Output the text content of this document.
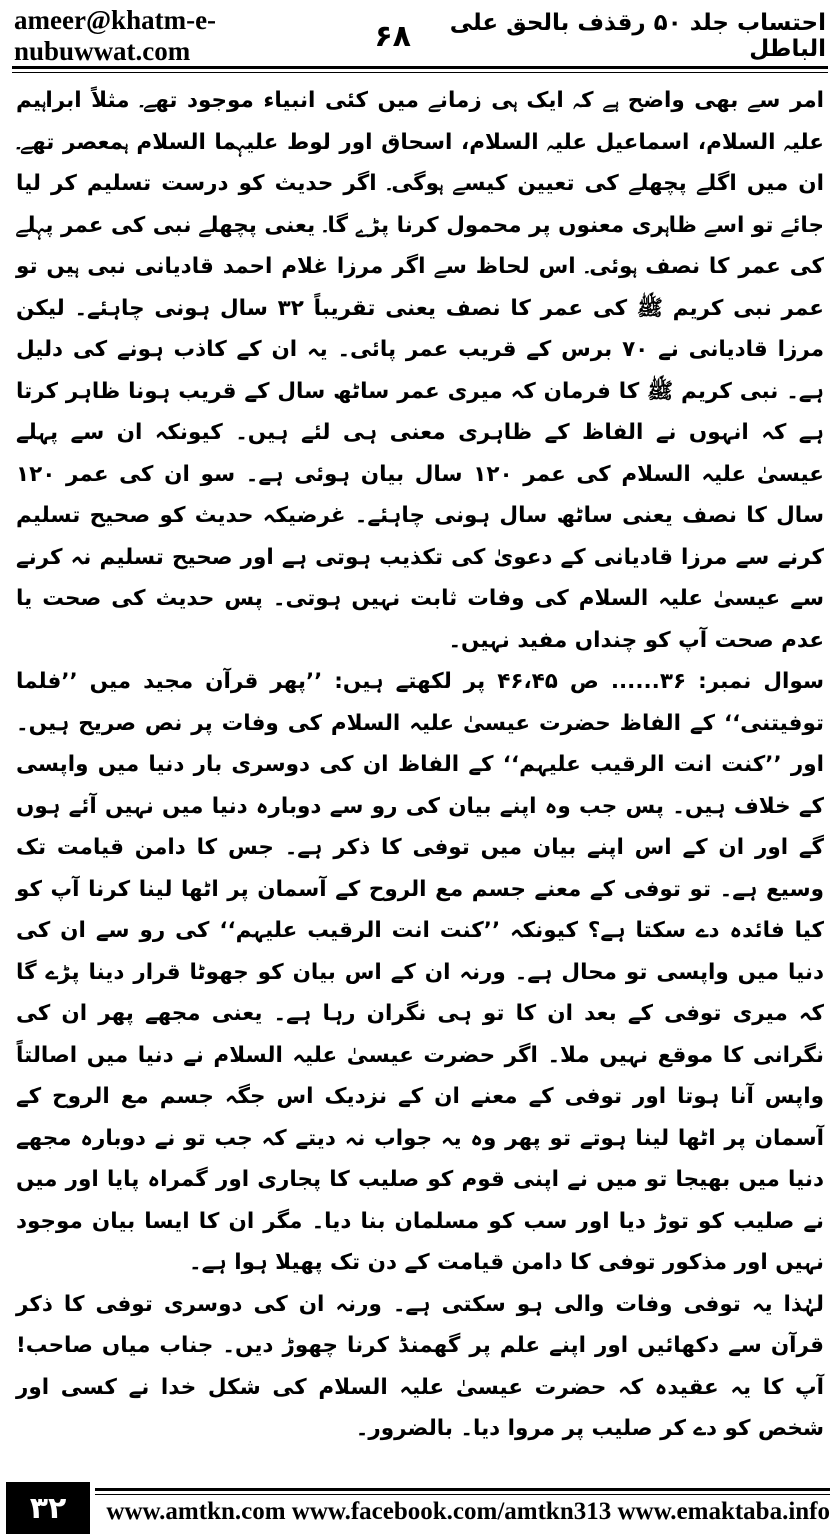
ameer@khatm-e-nubuwwat.com	۶۸	احتساب جلد ۵۰ رقذف بالحق علی الباطل

امر سے بھی واضح ہے کہ ایک ہی زمانے میں کئی انبیاء موجود تھے۔ مثلاً ابراہیم علیہ السلام، اسماعیل علیہ السلام، اسحاق اور لوط علیہما السلام ہمعصر تھے۔ ان میں اگلے پچھلے کی تعیین کیسے ہوگی۔ اگر حدیث کو درست تسلیم کر لیا جائے تو اسے ظاہری معنوں پر محمول کرنا پڑے گا۔ یعنی پچھلے نبی کی عمر پہلے کی عمر کا نصف ہوئی۔ اس لحاظ سے اگر مرزا غلام احمد قادیانی نبی ہیں تو عمر نبی کریم ﷺ کی عمر کا نصف یعنی تقریباً ۳۲ سال ہونی چاہئے۔ لیکن مرزا قادیانی نے ۷۰ برس کے قریب عمر پائی۔ یہ ان کے کاذب ہونے کی دلیل ہے۔ نبی کریم ﷺ کا فرمان کہ میری عمر ساٹھ سال کے قریب ہونا ظاہر کرتا ہے کہ انہوں نے الفاظ کے ظاہری معنی ہی لئے ہیں۔ کیونکہ ان سے پہلے عیسیٰ علیہ السلام کی عمر ۱۲۰ سال بیان ہوئی ہے۔ سو ان کی عمر ۱۲۰ سال کا نصف یعنی ساٹھ سال ہونی چاہئے۔ غرضیکہ حدیث کو صحیح تسلیم کرنے سے مرزا قادیانی کے دعویٰ کی تکذیب ہوتی ہے اور صحیح تسلیم نہ کرنے سے عیسیٰ علیہ السلام کی وفات ثابت نہیں ہوتی۔ پس حدیث کی صحت یا عدم صحت آپ کو چنداں مفید نہیں۔

سوال نمبر: ۳۶...... ص ۴۶،۴۵ پر لکھتے ہیں: ’’پھر قرآن مجید میں ’’فلما توفیتنی‘‘ کے الفاظ حضرت عیسیٰ علیہ السلام کی وفات پر نص صریح ہیں۔ اور ’’کنت انت الرقیب علیہم‘‘ کے الفاظ ان کی دوسری بار دنیا میں واپسی کے خلاف ہیں۔ پس جب وہ اپنے بیان کی رو سے دوبارہ دنیا میں نہیں آئے ہوں گے اور ان کے اس اپنے بیان میں توفی کا ذکر ہے۔ جس کا دامن قیامت تک وسیع ہے۔ تو توفی کے معنے جسم مع الروح کے آسمان پر اٹھا لینا کرنا آپ کو کیا فائدہ دے سکتا ہے؟ کیونکہ ’’کنت انت الرقیب علیہم‘‘ کی رو سے ان کی دنیا میں واپسی تو محال ہے۔ ورنہ ان کے اس بیان کو جھوٹا قرار دینا پڑے گا کہ میری توفی کے بعد ان کا تو ہی نگران رہا ہے۔ یعنی مجھے پھر ان کی نگرانی کا موقع نہیں ملا۔ اگر حضرت عیسیٰ علیہ السلام نے دنیا میں اصالتاً واپس آنا ہوتا اور توفی کے معنے ان کے نزدیک اس جگہ جسم مع الروح کے آسمان پر اٹھا لینا ہوتے تو پھر وہ یہ جواب نہ دیتے کہ جب تو نے دوبارہ مجھے دنیا میں بھیجا تو میں نے اپنی قوم کو صلیب کا پجاری اور گمراہ پایا اور میں نے صلیب کو توڑ دیا اور سب کو مسلمان بنا دیا۔ مگر ان کا ایسا بیان موجود نہیں اور مذکور توفی کا دامن قیامت کے دن تک پھیلا ہوا ہے۔

لہٰذا یہ توفی وفات والی ہو سکتی ہے۔ ورنہ ان کی دوسری توفی کا ذکر قرآن سے دکھائیں اور اپنے علم پر گھمنڈ کرنا چھوڑ دیں۔ جناب میاں صاحب! آپ کا یہ عقیدہ کہ حضرت عیسیٰ علیہ السلام کی شکل خدا نے کسی اور شخص کو دے کر صلیب پر مروا دیا۔ بالضرور۔

۳۲	www.amtkn.com www.facebook.com/amtkn313 www.emaktaba.info
